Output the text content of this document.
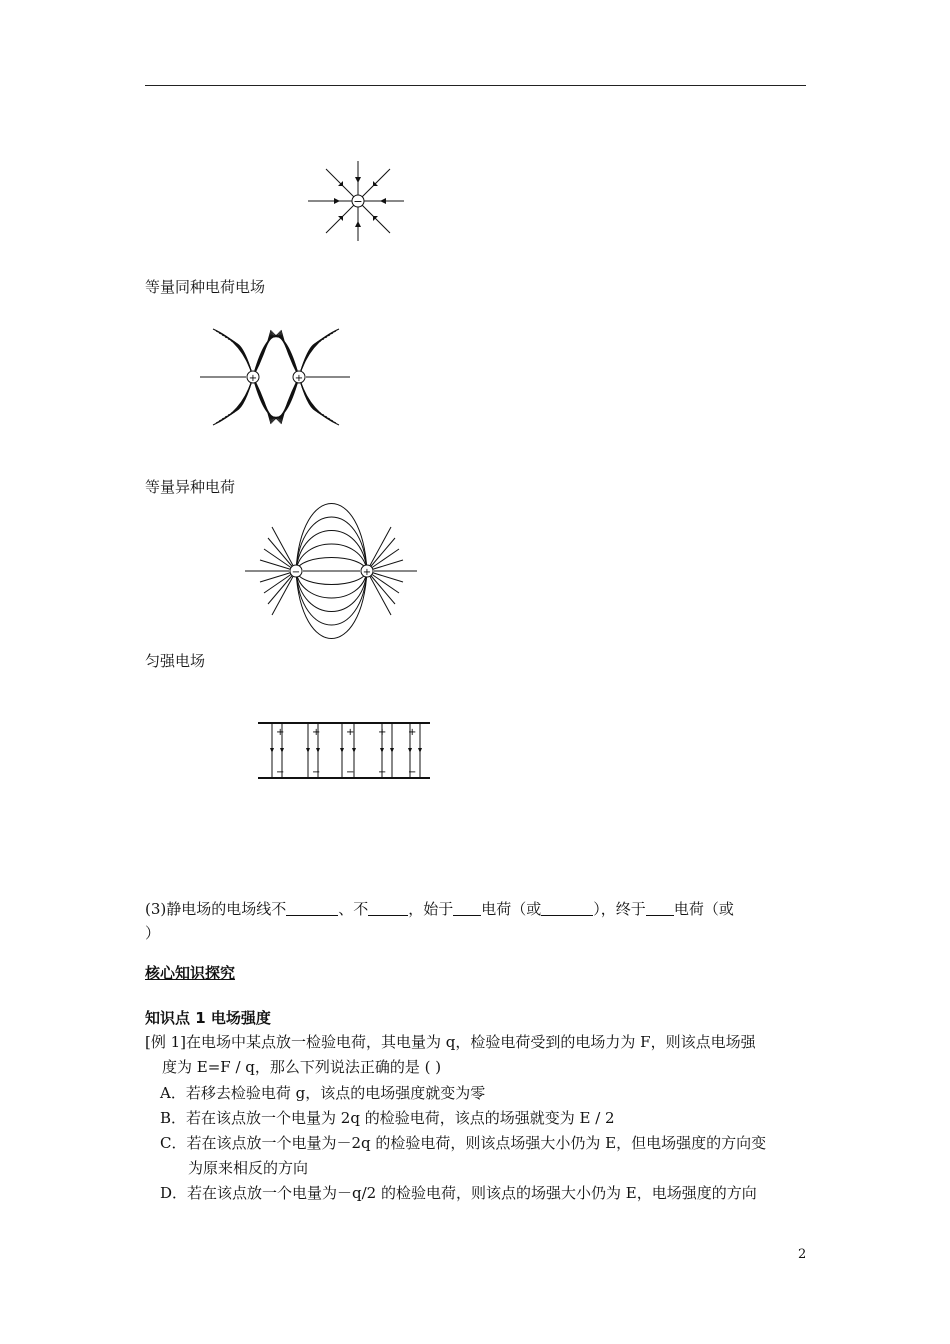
−
等量同种电荷电场
+	+
等量异种电荷
−	+
匀强电场
+
−
+
−
+
−
+
−
+
−
(3)静电场的电场线不	、不	，始于 电荷（或	），终于 电荷（或
）
核心知识探究
知识点 1 电场强度
[例 1]在电场中某点放一检验电荷，其电量为 q，检验电荷受到的电场力为 F，则该点电场强
度为 E=F / q，那么下列说法正确的是 ( )
A．若移去检验电荷 g，该点的电场强度就变为零
B．若在该点放一个电量为 2q 的检验电荷，该点的场强就变为 E / 2
C．若在该点放一个电量为－2q 的检验电荷，则该点场强大小仍为 E，但电场强度的方向变
为原来相反的方向
D．若在该点放一个电量为－q/2 的检验电荷，则该点的场强大小仍为 E，电场强度的方向
2
